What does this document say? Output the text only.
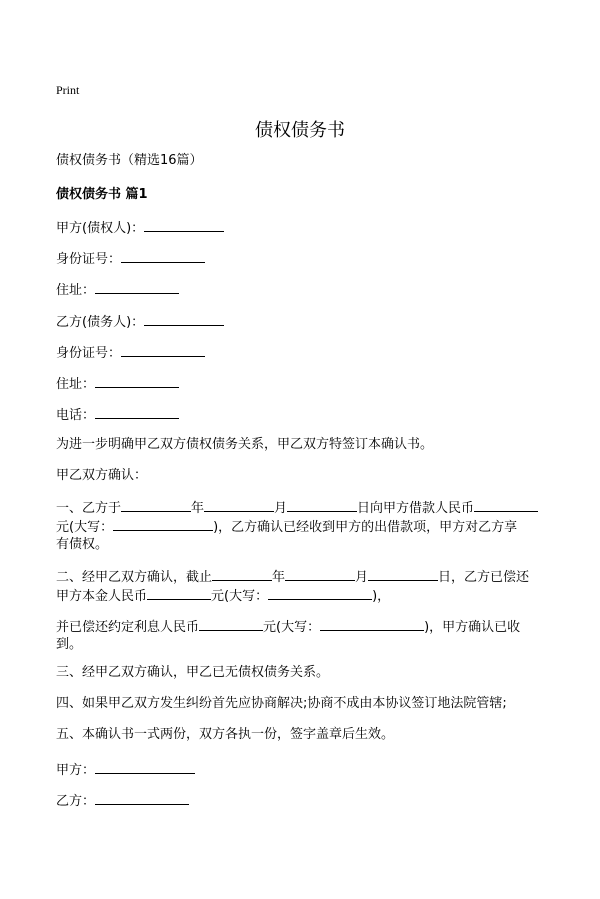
Print
债权债务书
债权债务书（精选16篇）
债权债务书 篇1
甲方(债权人)：
身份证号：
住址：
乙方(债务人)：
身份证号：
住址：
电话：
为进一步明确甲乙双方债权债务关系，甲乙双方特签订本确认书。
甲乙双方确认：
一、乙方于	年	月	日向甲方借款人民币
元(大写：	)，乙方确认已经收到甲方的出借款项，甲方对乙方享
有债权。
二、经甲乙双方确认，截止	年	月	日，乙方已偿还
甲方本金人民币	元(大写：	)，
并已偿还约定利息人民币	元(大写：	)，甲方确认已收
到。
三、经甲乙双方确认，甲乙已无债权债务关系。
四、如果甲乙双方发生纠纷首先应协商解决;协商不成由本协议签订地法院管辖;
五、本确认书一式两份，双方各执一份，签字盖章后生效。
甲方：
乙方：
